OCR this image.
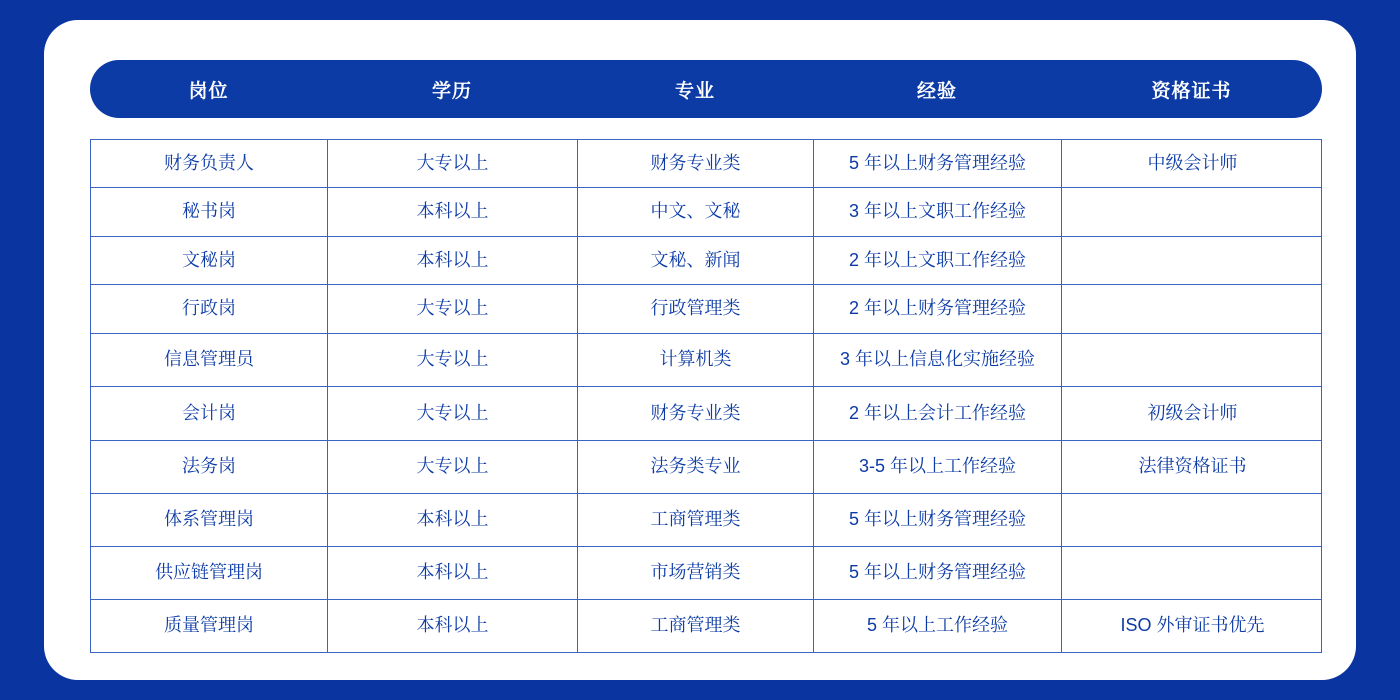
岗位	学历	专业	经验	资格证书
财务负责人	大专以上	财务专业类	5 年以上财务管理经验	中级会计师
秘书岗	本科以上	中文、文秘	3 年以上文职工作经验
文秘岗	本科以上	文秘、新闻	2 年以上文职工作经验
行政岗	大专以上	行政管理类	2 年以上财务管理经验
信息管理员	大专以上	计算机类	3 年以上信息化实施经验
会计岗	大专以上	财务专业类	2 年以上会计工作经验	初级会计师
法务岗	大专以上	法务类专业	3-5 年以上工作经验	法律资格证书
体系管理岗	本科以上	工商管理类	5 年以上财务管理经验
供应链管理岗	本科以上	市场营销类	5 年以上财务管理经验
质量管理岗	本科以上	工商管理类	5 年以上工作经验	ISO 外审证书优先
